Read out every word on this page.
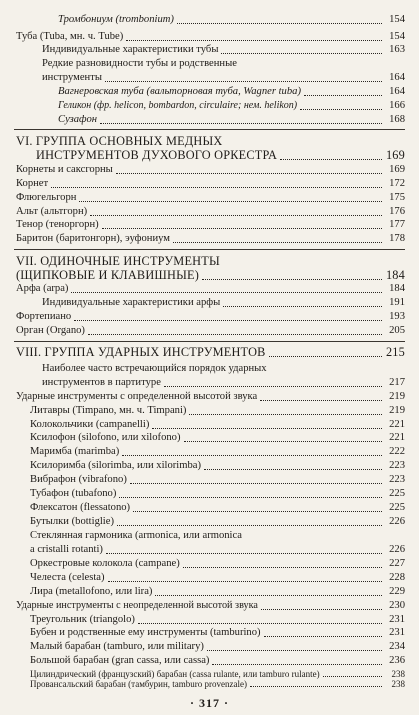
Тромбониум (trombonium)	154
Туба (Tuba, мн. ч. Tube)	154
Индивидуальные характеристики тубы	163
Редкие разновидности тубы и родственные
инструменты	164
Вагнеровская туба (вальторновая туба, Wagner tuba)	164
Геликон (фр. helicon, bombardon, circulaire; нем. helikon)	166
Сузафон	168
VI. ГРУППА ОСНОВНЫХ МЕДНЫХ
ИНСТРУМЕНТОВ ДУХОВОГО ОРКЕСТРА	169
Корнеты и саксгорны	169
Корнет	172
Флюгельгорн	175
Альт (альтгорн)	176
Тенор (теноргорн)	177
Баритон (баритонгорн), эуфониум	178
VII. ОДИНОЧНЫЕ ИНСТРУМЕНТЫ
(ЩИПКОВЫЕ И КЛАВИШНЫЕ)	184
Арфа (arpa)	184
Индивидуальные характеристики арфы	191
Фортепиано	193
Орган (Organo)	205
VIII. ГРУППА УДАРНЫХ ИНСТРУМЕНТОВ	215
Наиболее часто встречающийся порядок ударных
инструментов в партитуре	217
Ударные инструменты с определенной высотой звука	219
Литавры (Timpano, мн. ч. Timpani)	219
Колокольчики (campanelli)	221
Ксилофон (silofono, или xilofono)	221
Маримба (marimba)	222
Ксилоримба (silorimba, или xilorimba)	223
Вибрафон (vibrafono)	223
Тубафон (tubafono)	225
Флексатон (flessatono)	225
Бутылки (bottiglie)	226
Стеклянная гармоника (armonica, или armonica
a cristalli rotanti)	226
Оркестровые колокола (campane)	227
Челеста (celesta)	228
Лира (metallofono, или lira)	229
Ударные инструменты с неопределенной высотой звука	230
Треугольник (triangolo)	231
Бубен и родственные ему инструменты (tamburino)	231
Малый барабан (tamburo, или military)	234
Большой барабан (gran cassa, или cassa)	236
Цилиндрический (французский) барабан
(cassa rulante, или tamburo rulante)	238
Провансальский барабан (тамбурин, tamburo
provenzale)	238
· 317 ·
